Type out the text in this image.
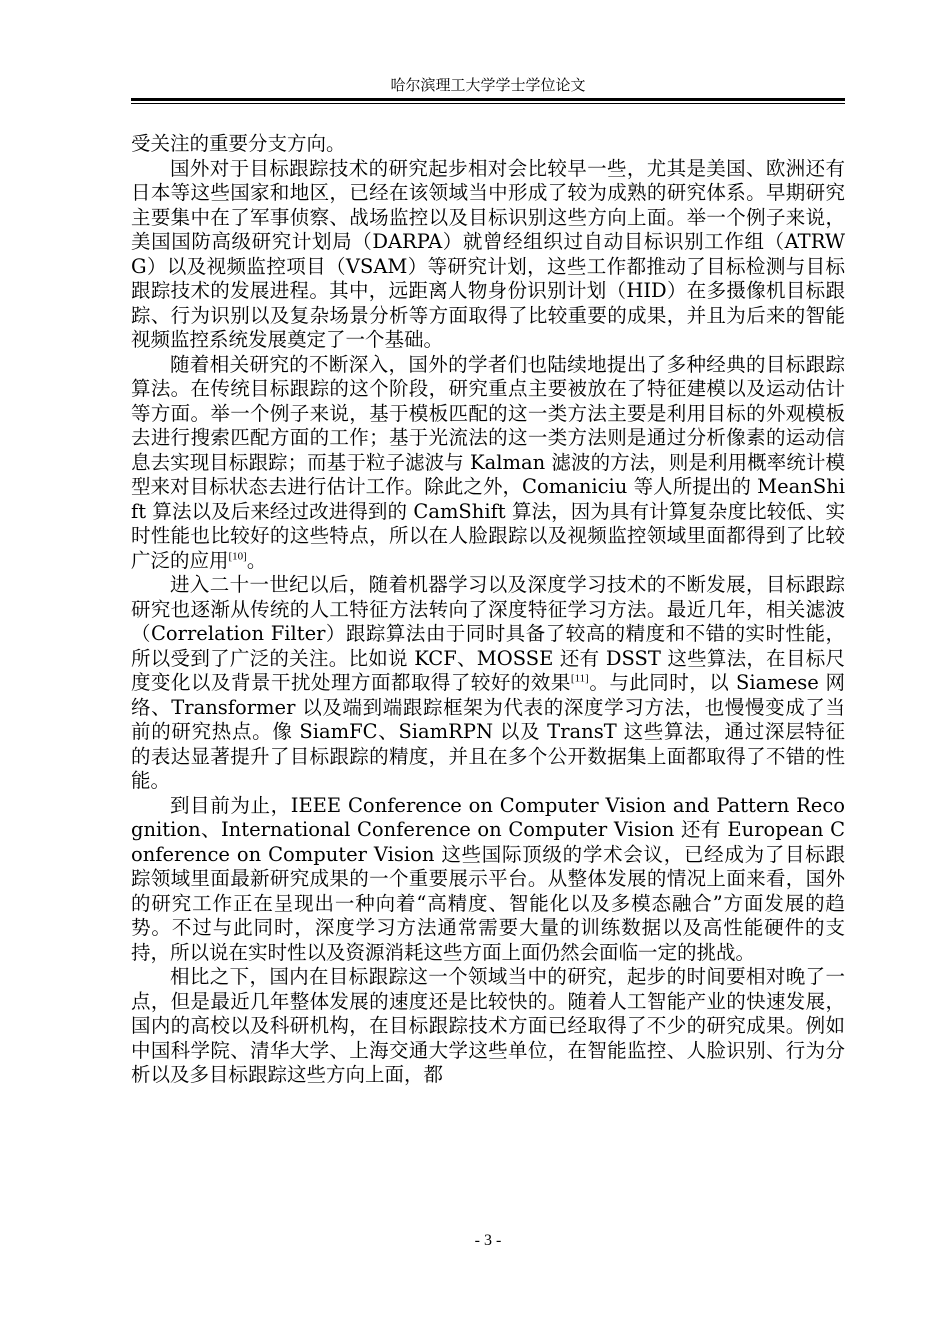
哈尔滨理工大学学士学位论文

受关注的重要分支方向。

国外对于目标跟踪技术的研究起步相对会比较早一些，尤其是美国、欧洲还有日本等这些国家和地区，已经在该领域当中形成了较为成熟的研究体系。早期研究主要集中在了军事侦察、战场监控以及目标识别这些方向上面。举一个例子来说，美国国防高级研究计划局（DARPA）就曾经组织过自动目标识别工作组（ATRWG）以及视频监控项目（VSAM）等研究计划，这些工作都推动了目标检测与目标跟踪技术的发展进程。其中，远距离人物身份识别计划（HID）在多摄像机目标跟踪、行为识别以及复杂场景分析等方面取得了比较重要的成果，并且为后来的智能视频监控系统发展奠定了一个基础。

随着相关研究的不断深入，国外的学者们也陆续地提出了多种经典的目标跟踪算法。在传统目标跟踪的这个阶段，研究重点主要被放在了特征建模以及运动估计等方面。举一个例子来说，基于模板匹配的这一类方法主要是利用目标的外观模板去进行搜索匹配方面的工作；基于光流法的这一类方法则是通过分析像素的运动信息去实现目标跟踪；而基于粒子滤波与 Kalman 滤波的方法，则是利用概率统计模型来对目标状态去进行估计工作。除此之外，Comaniciu 等人所提出的 MeanShift 算法以及后来经过改进得到的 CamShift 算法，因为具有计算复杂度比较低、实时性能也比较好的这些特点，所以在人脸跟踪以及视频监控领域里面都得到了比较广泛的应用[10]。

进入二十一世纪以后，随着机器学习以及深度学习技术的不断发展，目标跟踪研究也逐渐从传统的人工特征方法转向了深度特征学习方法。最近几年，相关滤波（Correlation Filter）跟踪算法由于同时具备了较高的精度和不错的实时性能，所以受到了广泛的关注。比如说 KCF、MOSSE 还有 DSST 这些算法，在目标尺度变化以及背景干扰处理方面都取得了较好的效果[11]。与此同时，以 Siamese 网络、Transformer 以及端到端跟踪框架为代表的深度学习方法，也慢慢变成了当前的研究热点。像 SiamFC、SiamRPN 以及 TransT 这些算法，通过深层特征的表达显著提升了目标跟踪的精度，并且在多个公开数据集上面都取得了不错的性能。

到目前为止，IEEE Conference on Computer Vision and Pattern Recognition、International Conference on Computer Vision 还有 European Conference on Computer Vision 这些国际顶级的学术会议，已经成为了目标跟踪领域里面最新研究成果的一个重要展示平台。从整体发展的情况上面来看，国外的研究工作正在呈现出一种向着“高精度、智能化以及多模态融合”方面发展的趋势。不过与此同时，深度学习方法通常需要大量的训练数据以及高性能硬件的支持，所以说在实时性以及资源消耗这些方面上面仍然会面临一定的挑战。

相比之下，国内在目标跟踪这一个领域当中的研究，起步的时间要相对晚了一点，但是最近几年整体发展的速度还是比较快的。随着人工智能产业的快速发展，国内的高校以及科研机构，在目标跟踪技术方面已经取得了不少的研究成果。例如中国科学院、清华大学、上海交通大学这些单位，在智能监控、人脸识别、行为分析以及多目标跟踪这些方向上面，都

- 3 -
